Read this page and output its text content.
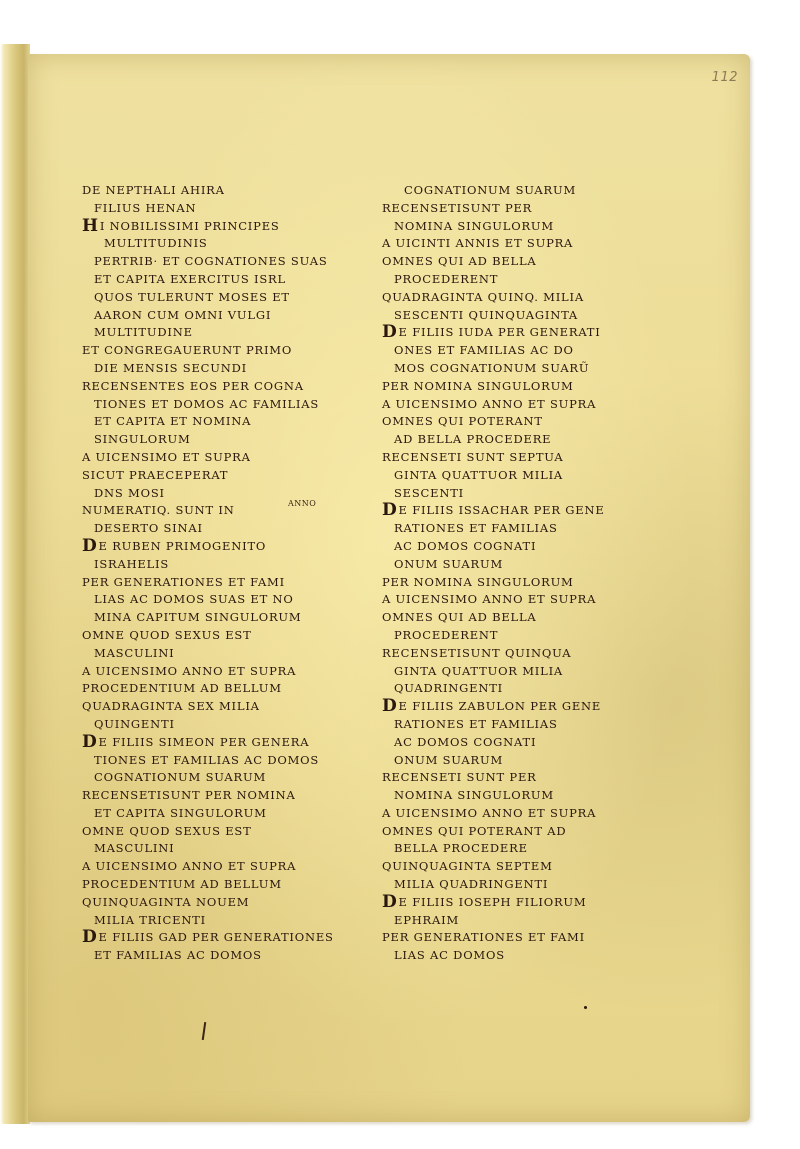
112
DE NEPTHALI AHIRA
FILIUS HENAN
HI NOBILISSIMI PRINCIPES
MULTITUDINIS
PERTRIB· ET COGNATIONES SUAS
ET CAPITA EXERCITUS ISRL
QUOS TULERUNT MOSES ET
AARON CUM OMNI VULGI
MULTITUDINE
ET CONGREGAUERUNT PRIMO
DIE MENSIS SECUNDI
RECENSENTES EOS PER COGNA
TIONES ET DOMOS AC FAMILIAS
ET CAPITA ET NOMINA
SINGULORUM
A UICENSIMO ET SUPRA
SICUT PRAECEPERAT
DNS MOSI
NUMERATIQ. SUNT IN
DESERTO SINAI
DE RUBEN PRIMOGENITO
ISRAHELIS
PER GENERATIONES ET FAMI
LIAS AC DOMOS SUAS ET NO
MINA CAPITUM SINGULORUM
OMNE QUOD SEXUS EST
MASCULINI
A UICENSIMO ANNO ET SUPRA
PROCEDENTIUM AD BELLUM
QUADRAGINTA SEX MILIA
QUINGENTI
DE FILIIS SIMEON PER GENERA
TIONES ET FAMILIAS AC DOMOS
COGNATIONUM SUARUM
RECENSETISUNT PER NOMINA
ET CAPITA SINGULORUM
OMNE QUOD SEXUS EST
MASCULINI
A UICENSIMO ANNO ET SUPRA
PROCEDENTIUM AD BELLUM
QUINQUAGINTA NOUEM
MILIA TRICENTI
DE FILIIS GAD PER GENERATIONES
ET FAMILIAS AC DOMOS
COGNATIONUM SUARUM
RECENSETISUNT PER
NOMINA SINGULORUM
A UICINTI ANNIS ET SUPRA
OMNES QUI AD BELLA
PROCEDERENT
QUADRAGINTA QUINQ. MILIA
SESCENTI QUINQUAGINTA
DE FILIIS IUDA PER GENERATI
ONES ET FAMILIAS AC DO
MOS COGNATIONUM SUARŨ
PER NOMINA SINGULORUM
A UICENSIMO ANNO ET SUPRA
OMNES QUI POTERANT
AD BELLA PROCEDERE
RECENSETI SUNT SEPTUA
GINTA QUATTUOR MILIA
SESCENTI
DE FILIIS ISSACHAR PER GENE
RATIONES ET FAMILIAS
AC DOMOS COGNATI
ONUM SUARUM
PER NOMINA SINGULORUM
A UICENSIMO ANNO ET SUPRA
OMNES QUI AD BELLA
PROCEDERENT
RECENSETISUNT QUINQUA
GINTA QUATTUOR MILIA
QUADRINGENTI
DE FILIIS ZABULON PER GENE
RATIONES ET FAMILIAS
AC DOMOS COGNATI
ONUM SUARUM
RECENSETI SUNT PER
NOMINA SINGULORUM
A UICENSIMO ANNO ET SUPRA
OMNES QUI POTERANT AD
BELLA PROCEDERE
QUINQUAGINTA SEPTEM
MILIA QUADRINGENTI
DE FILIIS IOSEPH FILIORUM
EPHRAIM
PER GENERATIONES ET FAMI
LIAS AC DOMOS
ANNO
